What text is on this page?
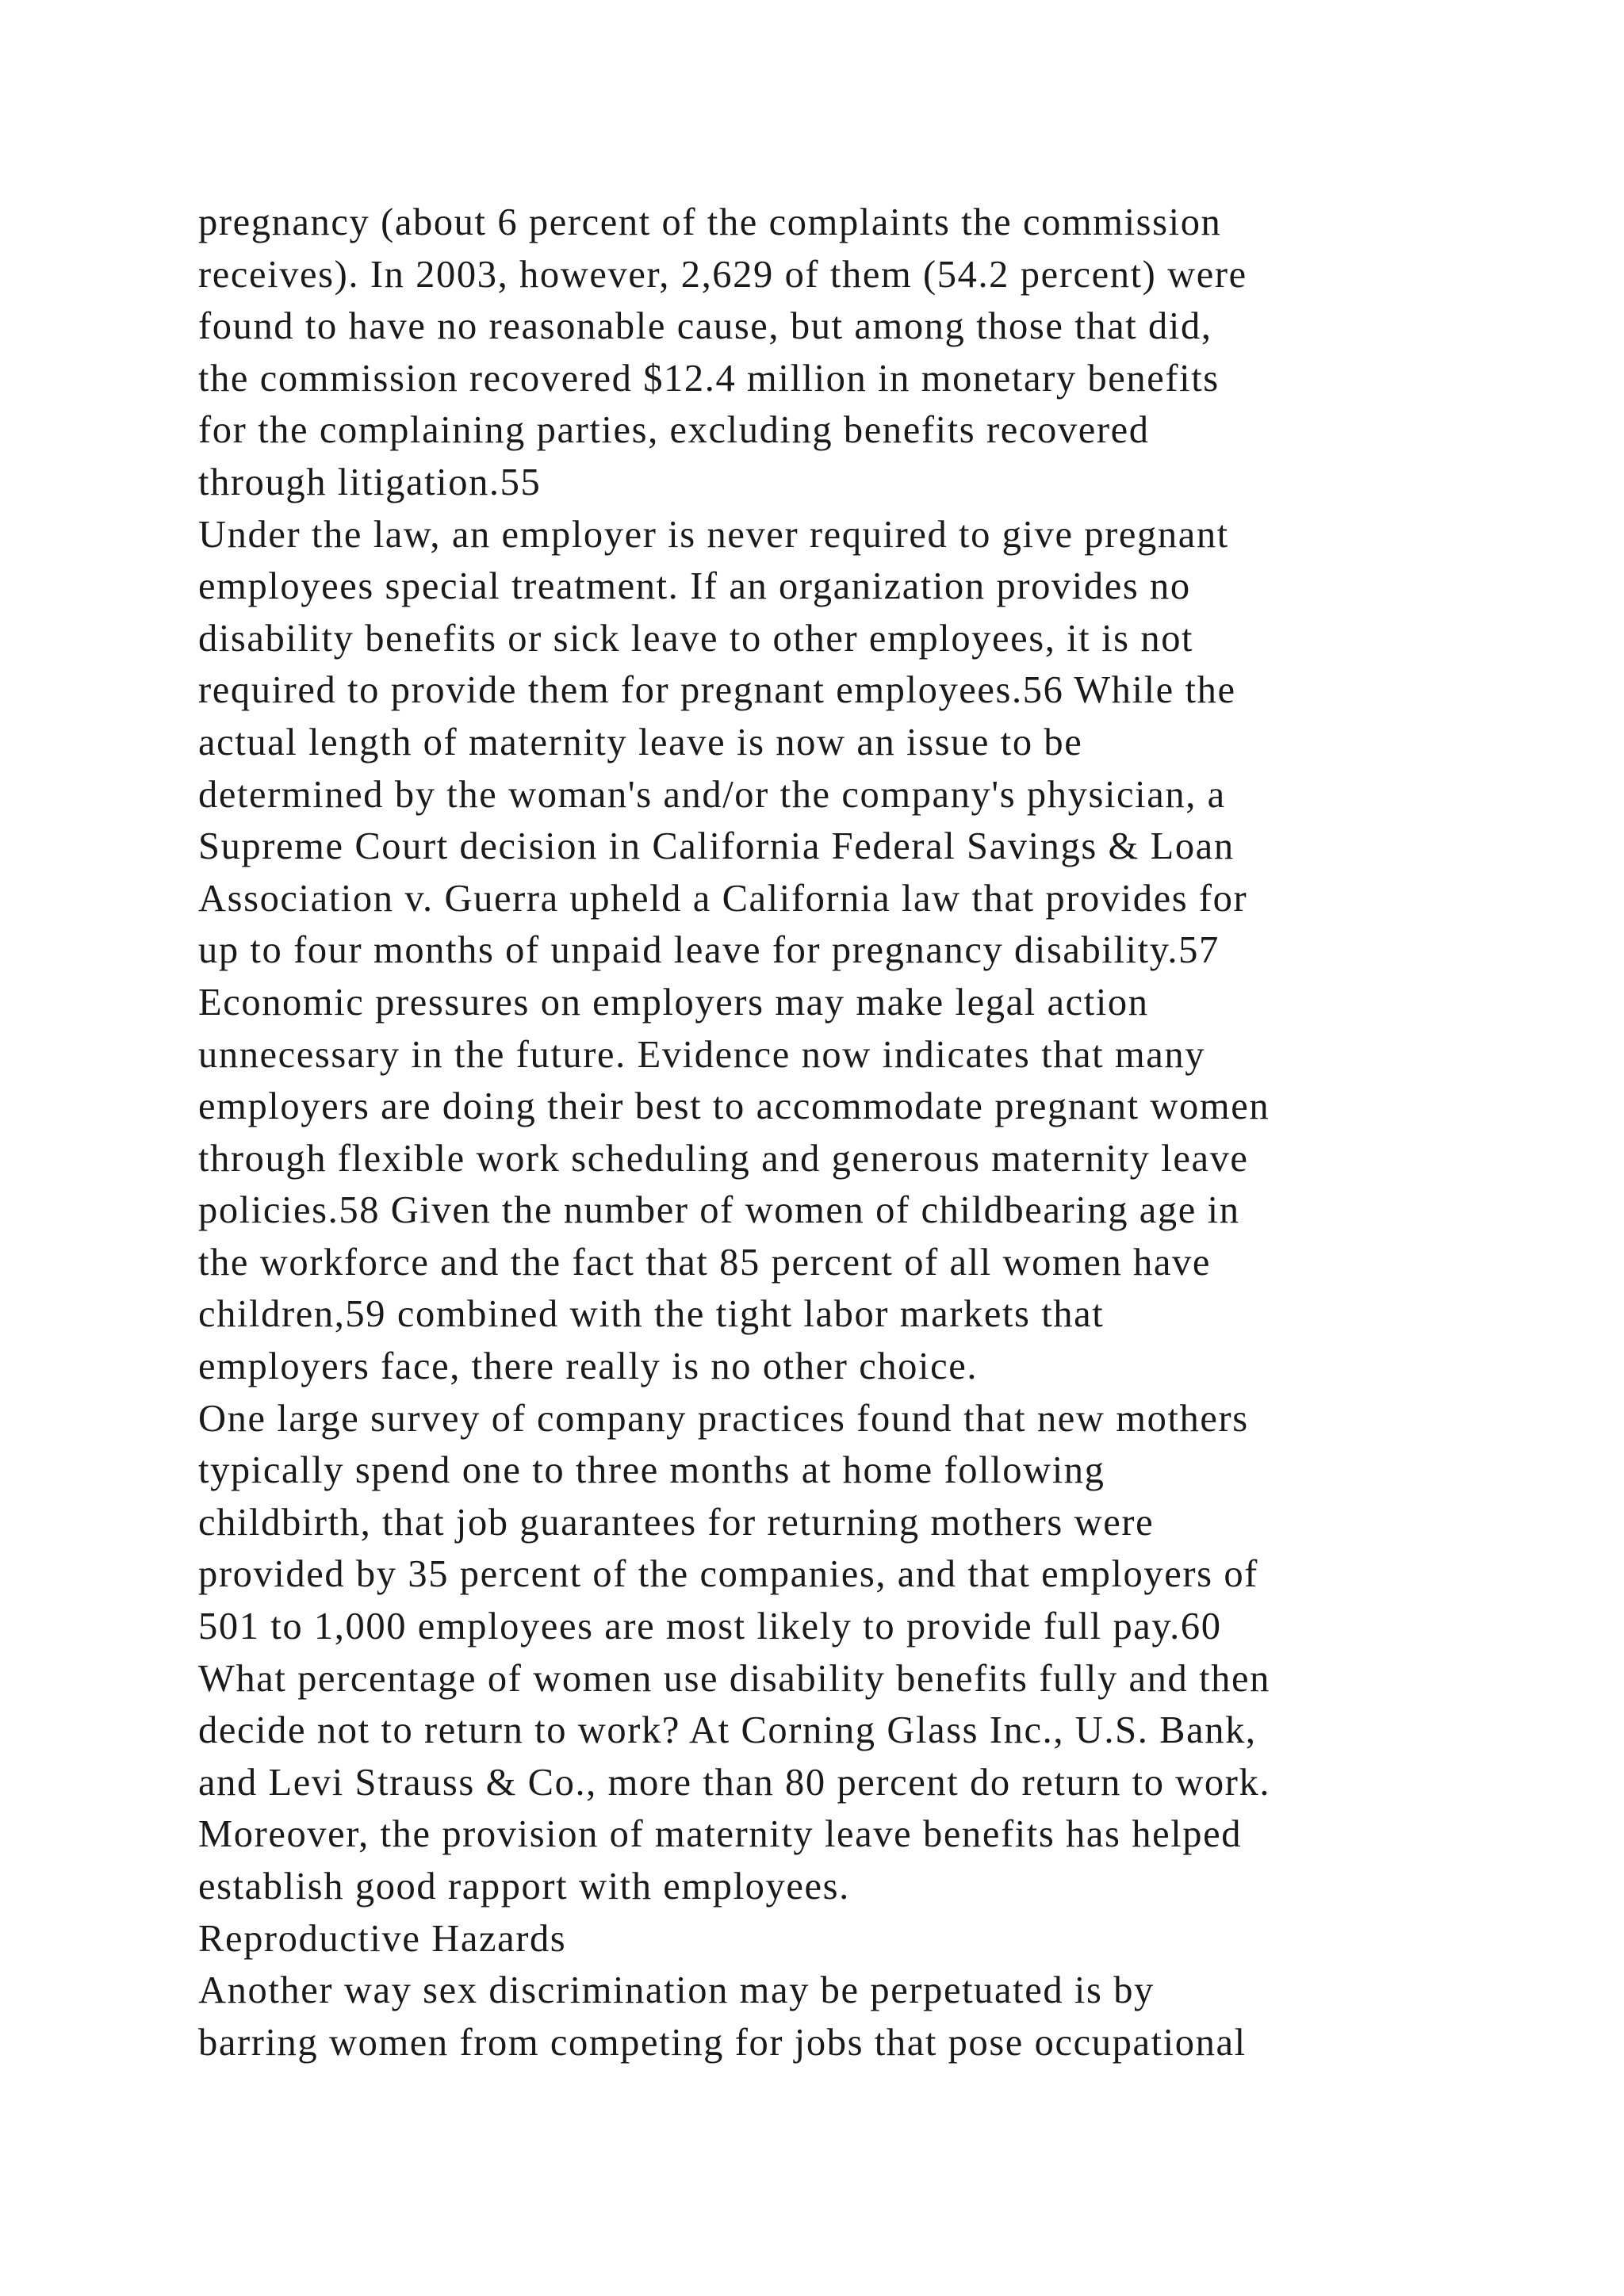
pregnancy (about 6 percent of the complaints the commission
receives). In 2003, however, 2,629 of them (54.2 percent) were
found to have no reasonable cause, but among those that did,
the commission recovered $12.4 million in monetary benefits
for the complaining parties, excluding benefits recovered
through litigation.55
Under the law, an employer is never required to give pregnant
employees special treatment. If an organization provides no
disability benefits or sick leave to other employees, it is not
required to provide them for pregnant employees.56 While the
actual length of maternity leave is now an issue to be
determined by the woman's and/or the company's physician, a
Supreme Court decision in California Federal Savings & Loan
Association v. Guerra upheld a California law that provides for
up to four months of unpaid leave for pregnancy disability.57
Economic pressures on employers may make legal action
unnecessary in the future. Evidence now indicates that many
employers are doing their best to accommodate pregnant women
through flexible work scheduling and generous maternity leave
policies.58 Given the number of women of childbearing age in
the workforce and the fact that 85 percent of all women have
children,59 combined with the tight labor markets that
employers face, there really is no other choice.
One large survey of company practices found that new mothers
typically spend one to three months at home following
childbirth, that job guarantees for returning mothers were
provided by 35 percent of the companies, and that employers of
501 to 1,000 employees are most likely to provide full pay.60
What percentage of women use disability benefits fully and then
decide not to return to work? At Corning Glass Inc., U.S. Bank,
and Levi Strauss & Co., more than 80 percent do return to work.
Moreover, the provision of maternity leave benefits has helped
establish good rapport with employees.
Reproductive Hazards
Another way sex discrimination may be perpetuated is by
barring women from competing for jobs that pose occupational
